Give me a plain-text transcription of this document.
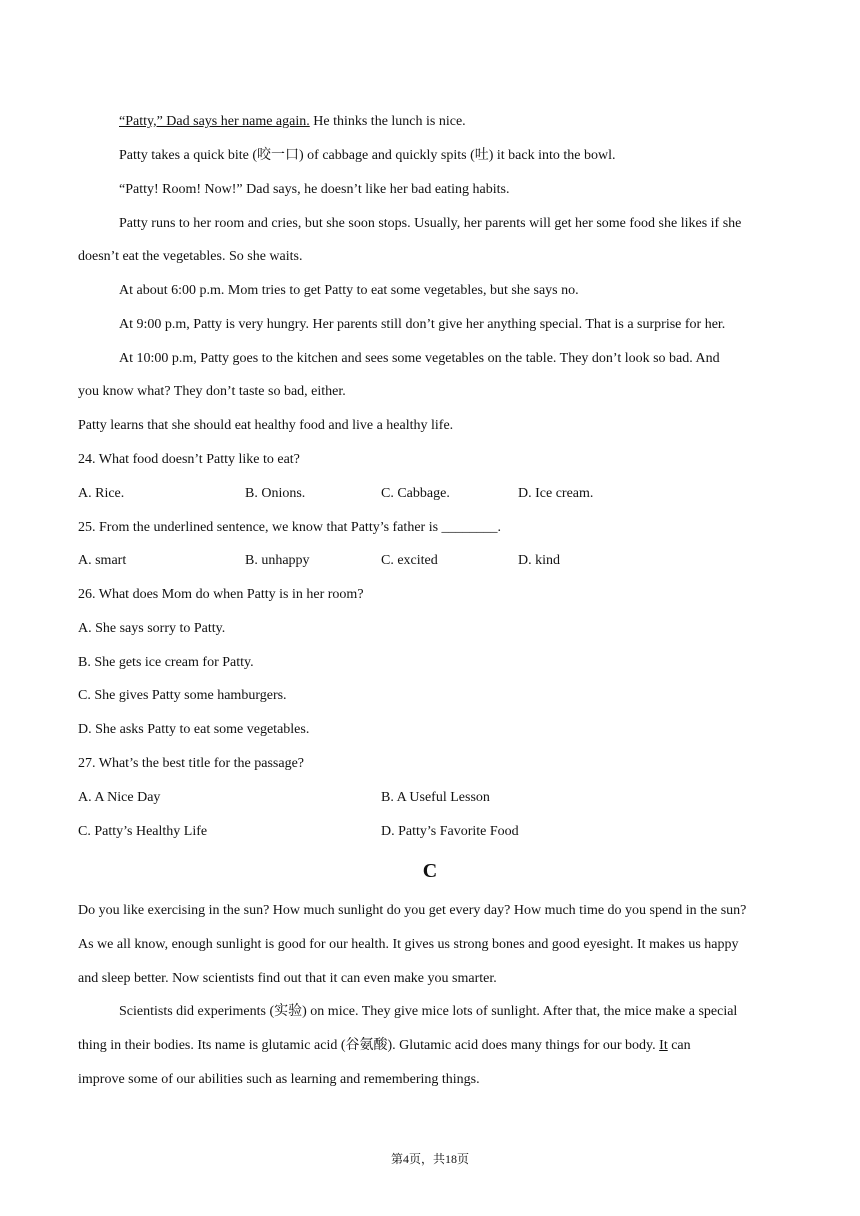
“Patty,” Dad says her name again. He thinks the lunch is nice.
Patty takes a quick bite (咬一口) of cabbage and quickly spits (吐) it back into the bowl.
“Patty! Room! Now!” Dad says, he doesn’t like her bad eating habits.
Patty runs to her room and cries, but she soon stops. Usually, her parents will get her some food she likes if she
doesn’t eat the vegetables. So she waits.
At about 6:00 p.m. Mom tries to get Patty to eat some vegetables, but she says no.
At 9:00 p.m, Patty is very hungry. Her parents still don’t give her anything special. That is a surprise for her.
At 10:00 p.m, Patty goes to the kitchen and sees some vegetables on the table. They don’t look so bad. And
you know what? They don’t taste so bad, either.
Patty learns that she should eat healthy food and live a healthy life.
24. What food doesn’t Patty like to eat?
A. Rice.	B. Onions.	C. Cabbage.	D. Ice cream.
25. From the underlined sentence, we know that Patty’s father is ________.
A. smart	B. unhappy	C. excited	D. kind
26. What does Mom do when Patty is in her room?
A. She says sorry to Patty.
B. She gets ice cream for Patty.
C. She gives Patty some hamburgers.
D. She asks Patty to eat some vegetables.
27. What’s the best title for the passage?
A. A Nice Day	B. A Useful Lesson
C. Patty’s Healthy Life	D. Patty’s Favorite Food
C
Do you like exercising in the sun? How much sunlight do you get every day? How much time do you spend in the sun?
As we all know, enough sunlight is good for our health. It gives us strong bones and good eyesight. It makes us happy
and sleep better. Now scientists find out that it can even make you smarter.
Scientists did experiments (实验) on mice. They give mice lots of sunlight. After that, the mice make a special
thing in their bodies. Its name is glutamic acid (谷氨酸). Glutamic acid does many things for our body. It can
improve some of our abilities such as learning and remembering things.
第4页，共18页
